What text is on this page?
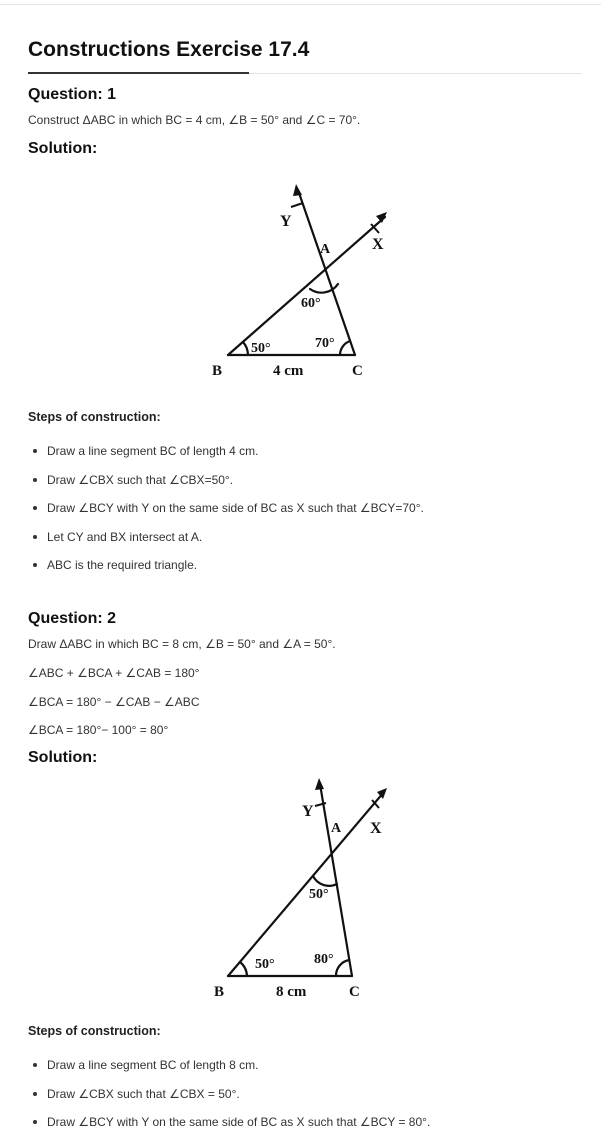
Constructions Exercise 17.4

Question: 1

Construct ΔABC in which BC = 4 cm, ∠B = 50° and ∠C = 70°.

Solution:

Y
A	X
60°
50°	70°
B	4 cm	C

Steps of construction:

Draw a line segment BC of length 4 cm.
Draw ∠CBX such that ∠CBX=50°.
Draw ∠BCY with Y on the same side of BC as X such that ∠BCY=70°.
Let CY and BX intersect at A.
ABC is the required triangle.

Question: 2

Draw ΔABC in which BC = 8 cm, ∠B = 50° and ∠A = 50°.

∠ABC + ∠BCA + ∠CAB = 180°

∠BCA = 180° − ∠CAB − ∠ABC

∠BCA = 180°− 100° = 80°

Solution:

Y
A X
50°
50°	80°
B	8 cm	C

Steps of construction:

Draw a line segment BC of length 8 cm.
Draw ∠CBX such that ∠CBX = 50°.
Draw ∠BCY with Y on the same side of BC as X such that ∠BCY = 80°.
